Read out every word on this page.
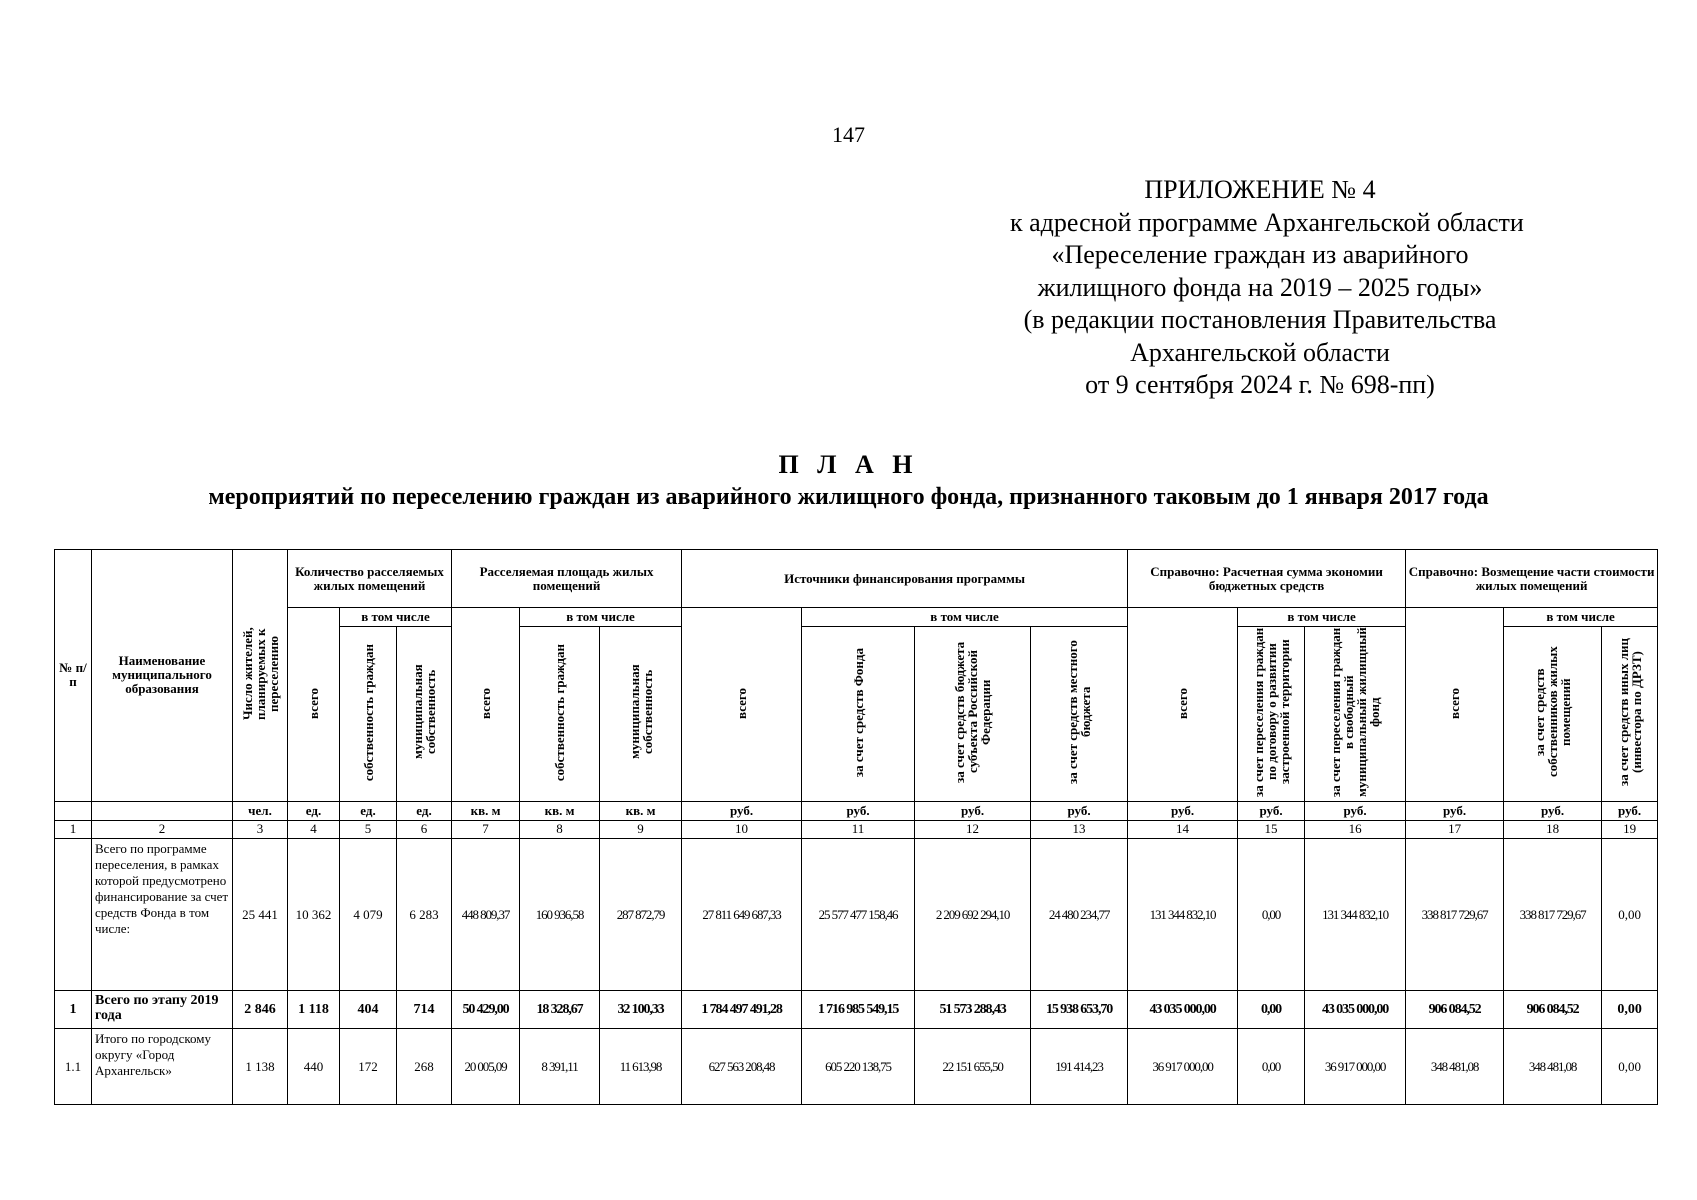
147
ПРИЛОЖЕНИЕ № 4
к адресной программе Архангельской области
«Переселение граждан из аварийного
жилищного фонда на 2019 – 2025 годы»
(в редакции постановления Правительства
Архангельской области
от 9 сентября 2024 г. № 698-пп)
П Л А Н
мероприятий по переселению граждан из аварийного жилищного фонда, признанного таковым до 1 января 2017 года
№ п/п	Наименование муниципального образования	Число жителей, планируемых к переселению	Количество расселяемых жилых помещений			Расселяемая площадь жилых помещений			Источники финансирования программы				Справочно: Расчетная сумма экономии бюджетных средств			Справочно: Возмещение части стоимости жилых помещений		
			всего	в том числе		всего	в том числе		всего	в том числе			всего	в том числе		всего	в том числе	
				собственность граждан	муниципальная собственность		собственность граждан	муниципальная собственность		за счет средств Фонда	за счет средств бюджета субъекта Российской Федерации	за счет средств местного бюджета		за счет переселения граждан по договору о развитии застроенной территории	за счет переселения граждан в свободный муниципальный жилищный фонд		за счет средств собственников жилых помещений	за счет средств иных лиц (инвестора по ДРЗТ)
		чел.	ед.	ед.	ед.	кв. м	кв. м	кв. м	руб.	руб.	руб.	руб.	руб.	руб.	руб.	руб.	руб.	руб.
1	2	3	4	5	6	7	8	9	10	11	12	13	14	15	16	17	18	19
	Всего по программе переселения, в рамках которой предусмотрено финансирование за счет средств Фонда в том числе:	25 441	10 362	4 079	6 283	448 809,37	160 936,58	287 872,79	27 811 649 687,33	25 577 477 158,46	2 209 692 294,10	24 480 234,77	131 344 832,10	0,00	131 344 832,10	338 817 729,67	338 817 729,67	0,00
1	Всего по этапу 2019 года	2 846	1 118	404	714	50 429,00	18 328,67	32 100,33	1 784 497 491,28	1 716 985 549,15	51 573 288,43	15 938 653,70	43 035 000,00	0,00	43 035 000,00	906 084,52	906 084,52	0,00
1.1	Итого по городскому округу «Город Архангельск»	1 138	440	172	268	20 005,09	8 391,11	11 613,98	627 563 208,48	605 220 138,75	22 151 655,50	191 414,23	36 917 000,00	0,00	36 917 000,00	348 481,08	348 481,08	0,00
